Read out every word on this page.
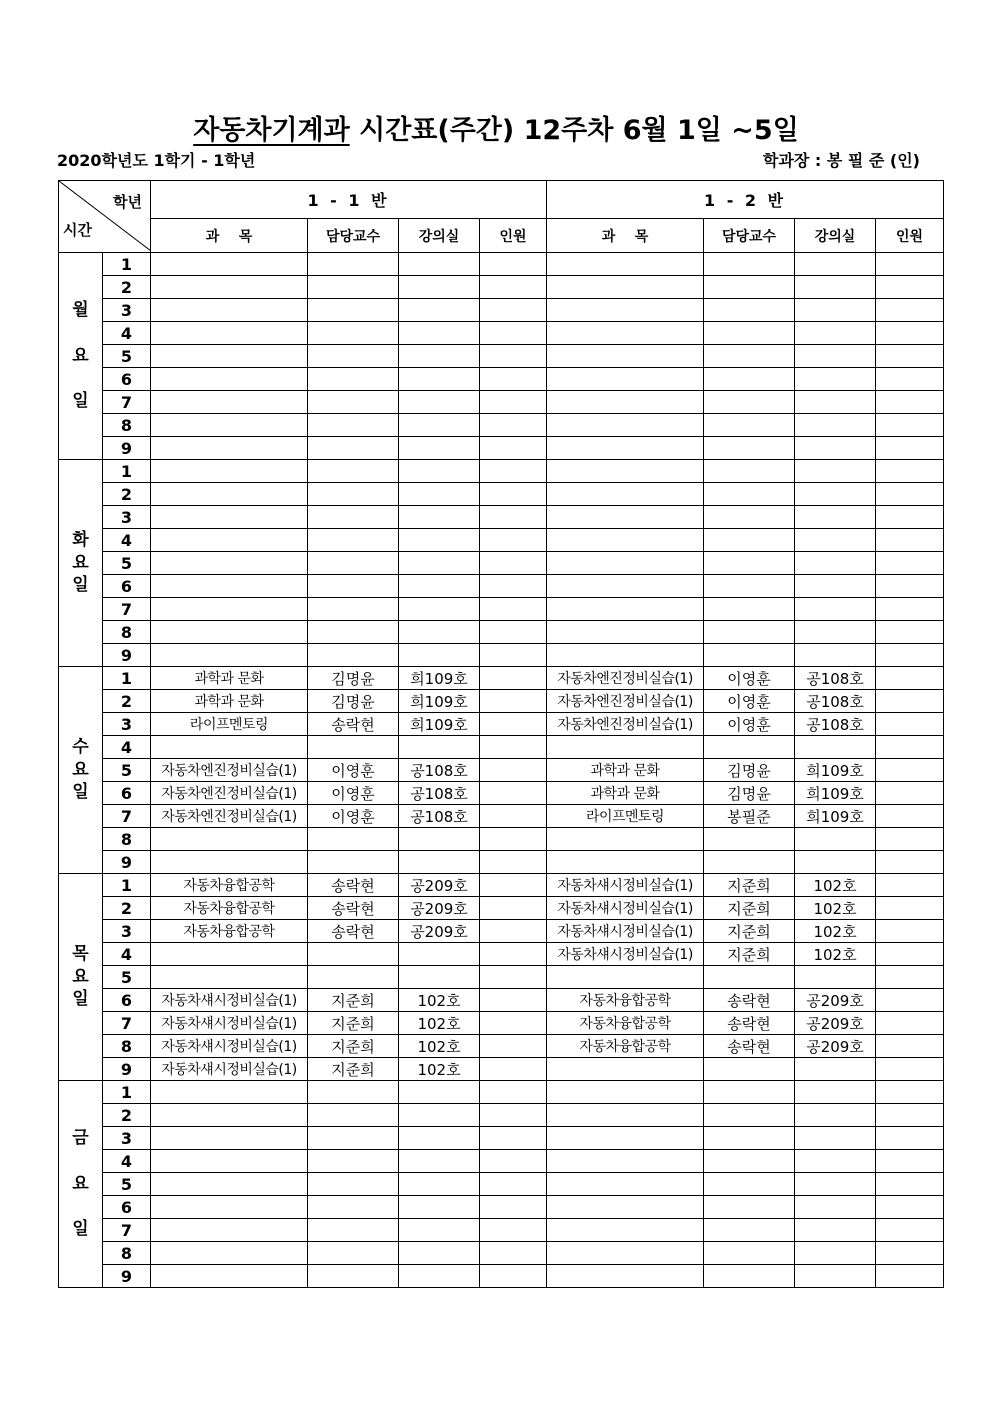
자동차기계과 시간표(주간) 12주차 6월 1일 ~5일
2020학년도 1학기 - 1학년	학과장 : 봉 필 준 (인)
학년
시간		1 - 1 반				1 - 2 반			
		과    목	담당교수	강의실	인원	과    목	담당교수	강의실	인원
월

요

일	1								
	2								
	3								
	4								
	5								
	6								
	7								
	8								
	9								
화
요
일	1								
	2								
	3								
	4								
	5								
	6								
	7								
	8								
	9								
수
요
일	1	과학과 문화	김명윤	희109호		자동차엔진정비실습(1)	이영훈	공108호	
	2	과학과 문화	김명윤	희109호		자동차엔진정비실습(1)	이영훈	공108호	
	3	라이프멘토링	송락현	희109호		자동차엔진정비실습(1)	이영훈	공108호	
	4								
	5	자동차엔진정비실습(1)	이영훈	공108호		과학과 문화	김명윤	희109호	
	6	자동차엔진정비실습(1)	이영훈	공108호		과학과 문화	김명윤	희109호	
	7	자동차엔진정비실습(1)	이영훈	공108호		라이프멘토링	봉필준	희109호	
	8								
	9								
목
요
일	1	자동차융합공학	송락현	공209호		자동차섀시정비실습(1)	지준희	102호	
	2	자동차융합공학	송락현	공209호		자동차섀시정비실습(1)	지준희	102호	
	3	자동차융합공학	송락현	공209호		자동차섀시정비실습(1)	지준희	102호	
	4					자동차섀시정비실습(1)	지준희	102호	
	5								
	6	자동차섀시정비실습(1)	지준희	102호		자동차융합공학	송락현	공209호	
	7	자동차섀시정비실습(1)	지준희	102호		자동차융합공학	송락현	공209호	
	8	자동차섀시정비실습(1)	지준희	102호		자동차융합공학	송락현	공209호	
	9	자동차섀시정비실습(1)	지준희	102호					
금

요

일	1								
	2								
	3								
	4								
	5								
	6								
	7								
	8								
	9								
